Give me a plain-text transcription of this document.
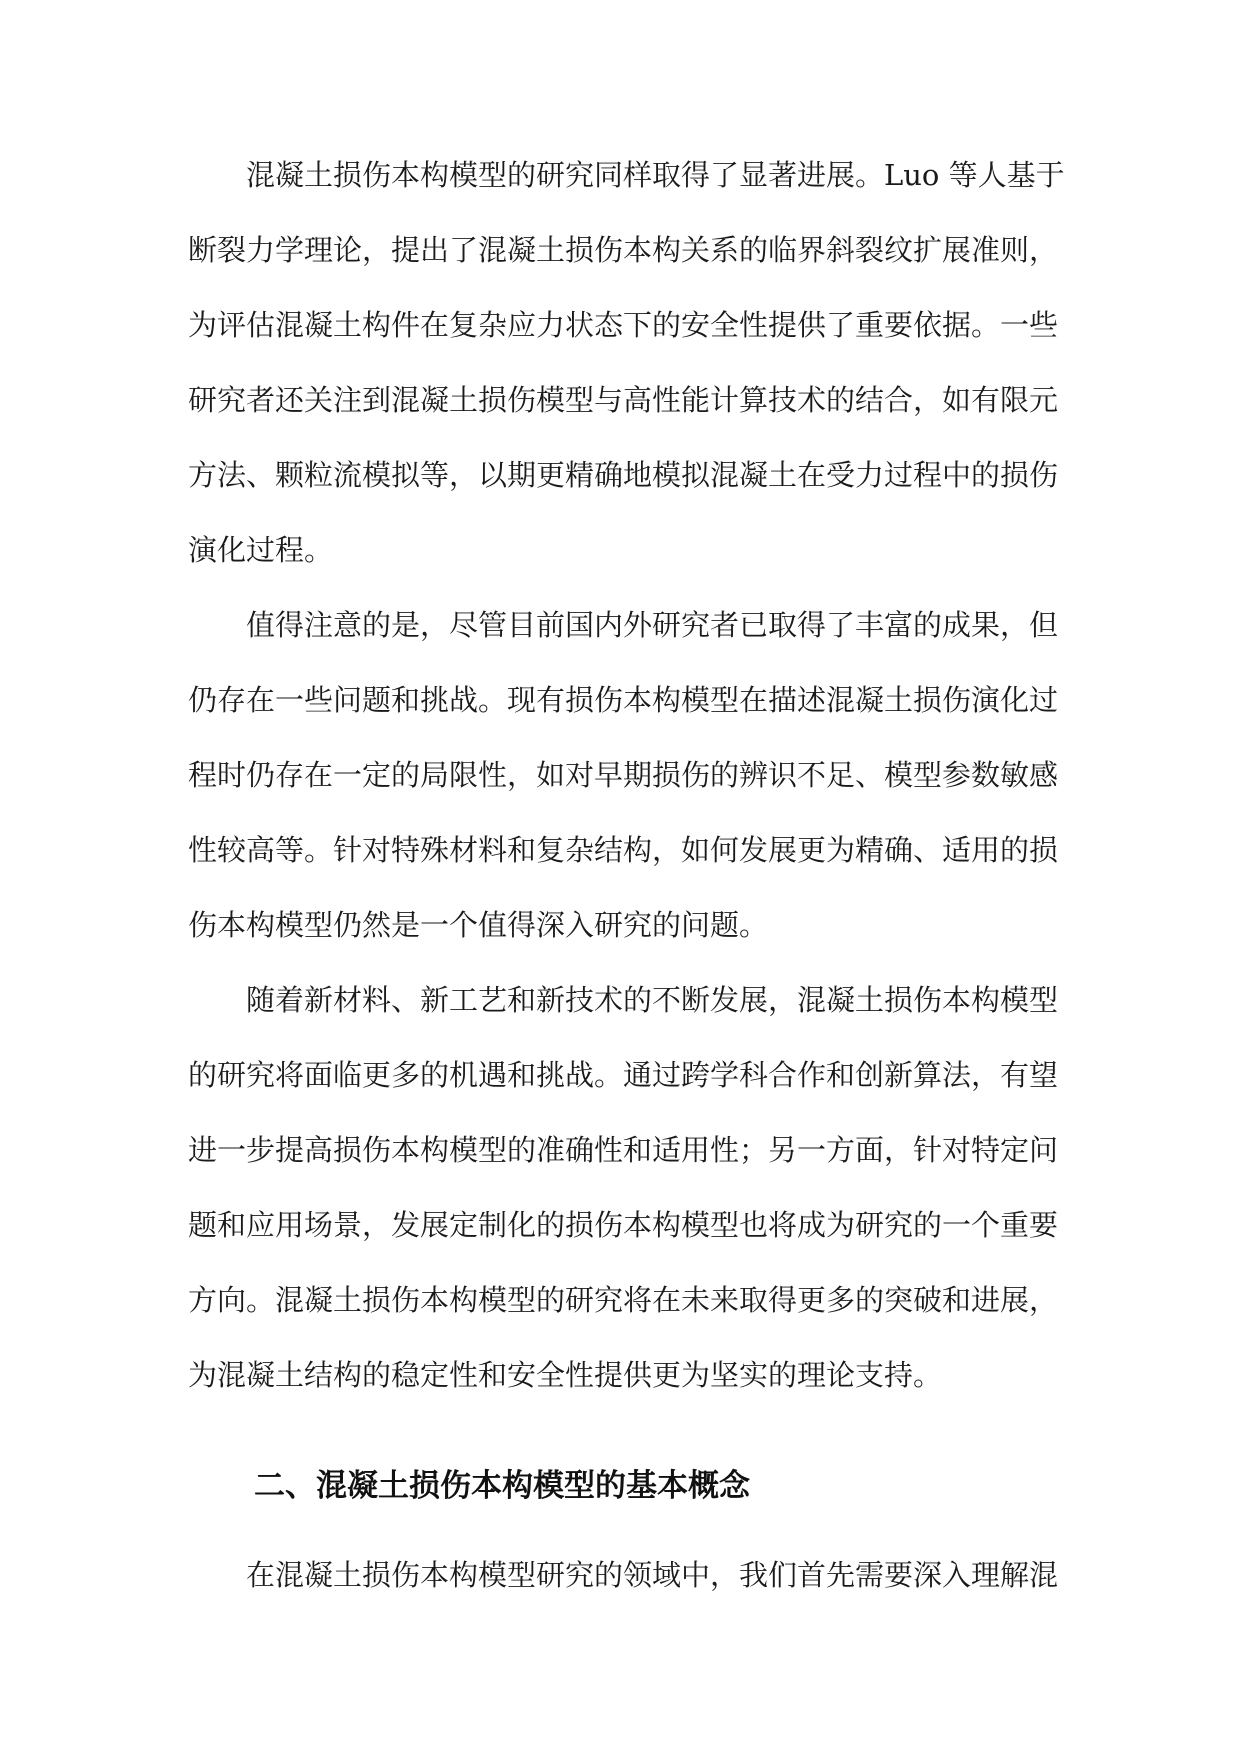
混凝土损伤本构模型的研究同样取得了显著进展。Luo 等人基于
断裂力学理论，提出了混凝土损伤本构关系的临界斜裂纹扩展准则，
为评估混凝土构件在复杂应力状态下的安全性提供了重要依据。一些
研究者还关注到混凝土损伤模型与高性能计算技术的结合，如有限元
方法、颗粒流模拟等，以期更精确地模拟混凝土在受力过程中的损伤
演化过程。
值得注意的是，尽管目前国内外研究者已取得了丰富的成果，但
仍存在一些问题和挑战。现有损伤本构模型在描述混凝土损伤演化过
程时仍存在一定的局限性，如对早期损伤的辨识不足、模型参数敏感
性较高等。针对特殊材料和复杂结构，如何发展更为精确、适用的损
伤本构模型仍然是一个值得深入研究的问题。
随着新材料、新工艺和新技术的不断发展，混凝土损伤本构模型
的研究将面临更多的机遇和挑战。通过跨学科合作和创新算法，有望
进一步提高损伤本构模型的准确性和适用性；另一方面，针对特定问
题和应用场景，发展定制化的损伤本构模型也将成为研究的一个重要
方向。混凝土损伤本构模型的研究将在未来取得更多的突破和进展，
为混凝土结构的稳定性和安全性提供更为坚实的理论支持。
二、混凝土损伤本构模型的基本概念
在混凝土损伤本构模型研究的领域中，我们首先需要深入理解混
